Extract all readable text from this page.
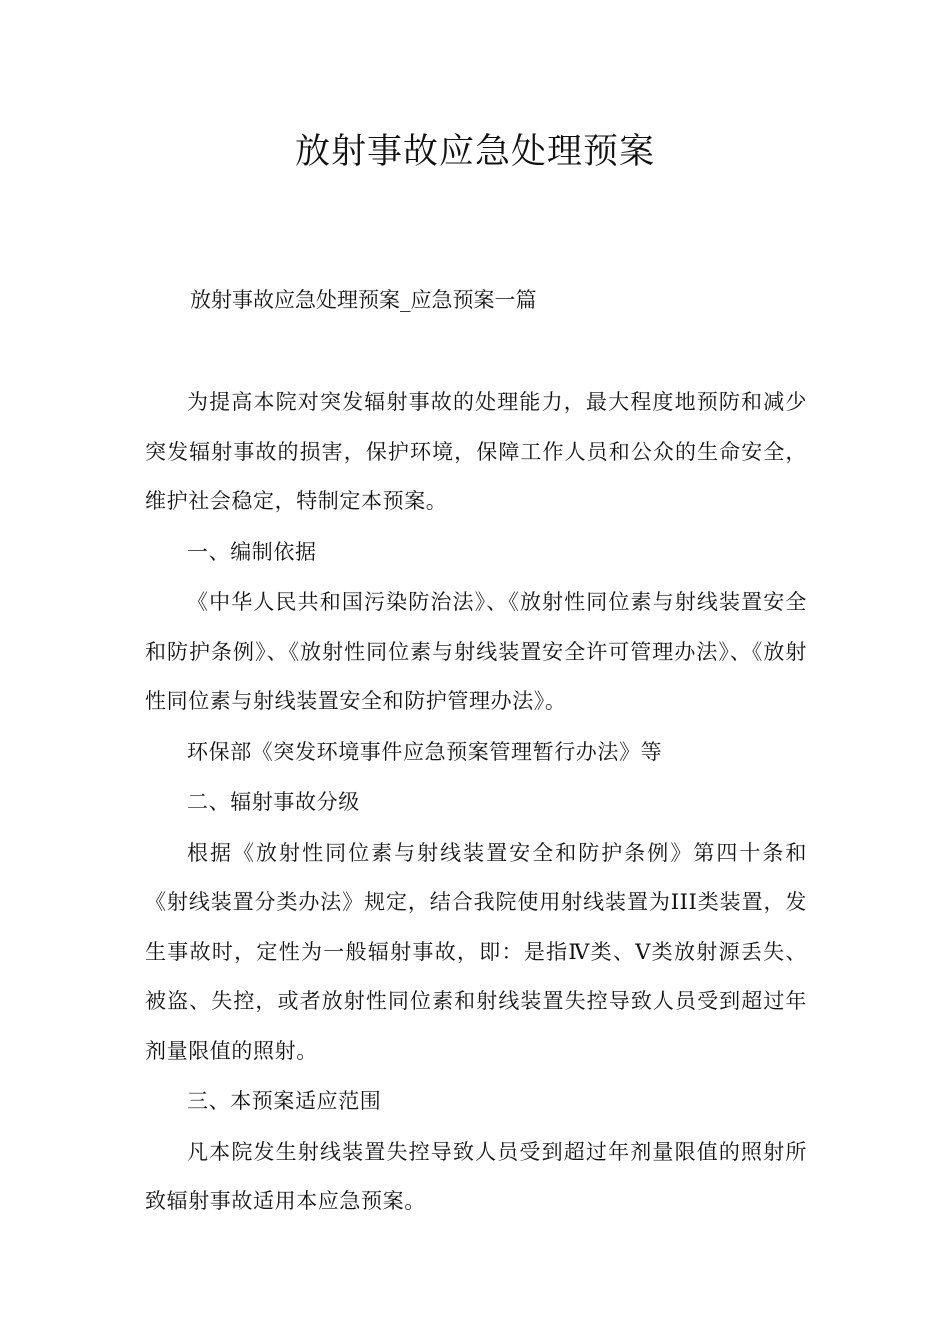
放射事故应急处理预案

放射事故应急处理预案_应急预案一篇

为提高本院对突发辐射事故的处理能力，最大程度地预防和减少突发辐射事故的损害，保护环境，保障工作人员和公众的生命安全，维护社会稳定，特制定本预案。

一、编制依据

《中华人民共和国污染防治法》、《放射性同位素与射线装置安全和防护条例》、《放射性同位素与射线装置安全许可管理办法》、《放射性同位素与射线装置安全和防护管理办法》。

环保部《突发环境事件应急预案管理暂行办法》等

二、辐射事故分级

根据《放射性同位素与射线装置安全和防护条例》第四十条和《射线装置分类办法》规定，结合我院使用射线装置为III类装置，发生事故时，定性为一般辐射事故，即：是指Ⅳ类、Ⅴ类放射源丢失、被盗、失控，或者放射性同位素和射线装置失控导致人员受到超过年剂量限值的照射。

三、本预案适应范围

凡本院发生射线装置失控导致人员受到超过年剂量限值的照射所致辐射事故适用本应急预案。
